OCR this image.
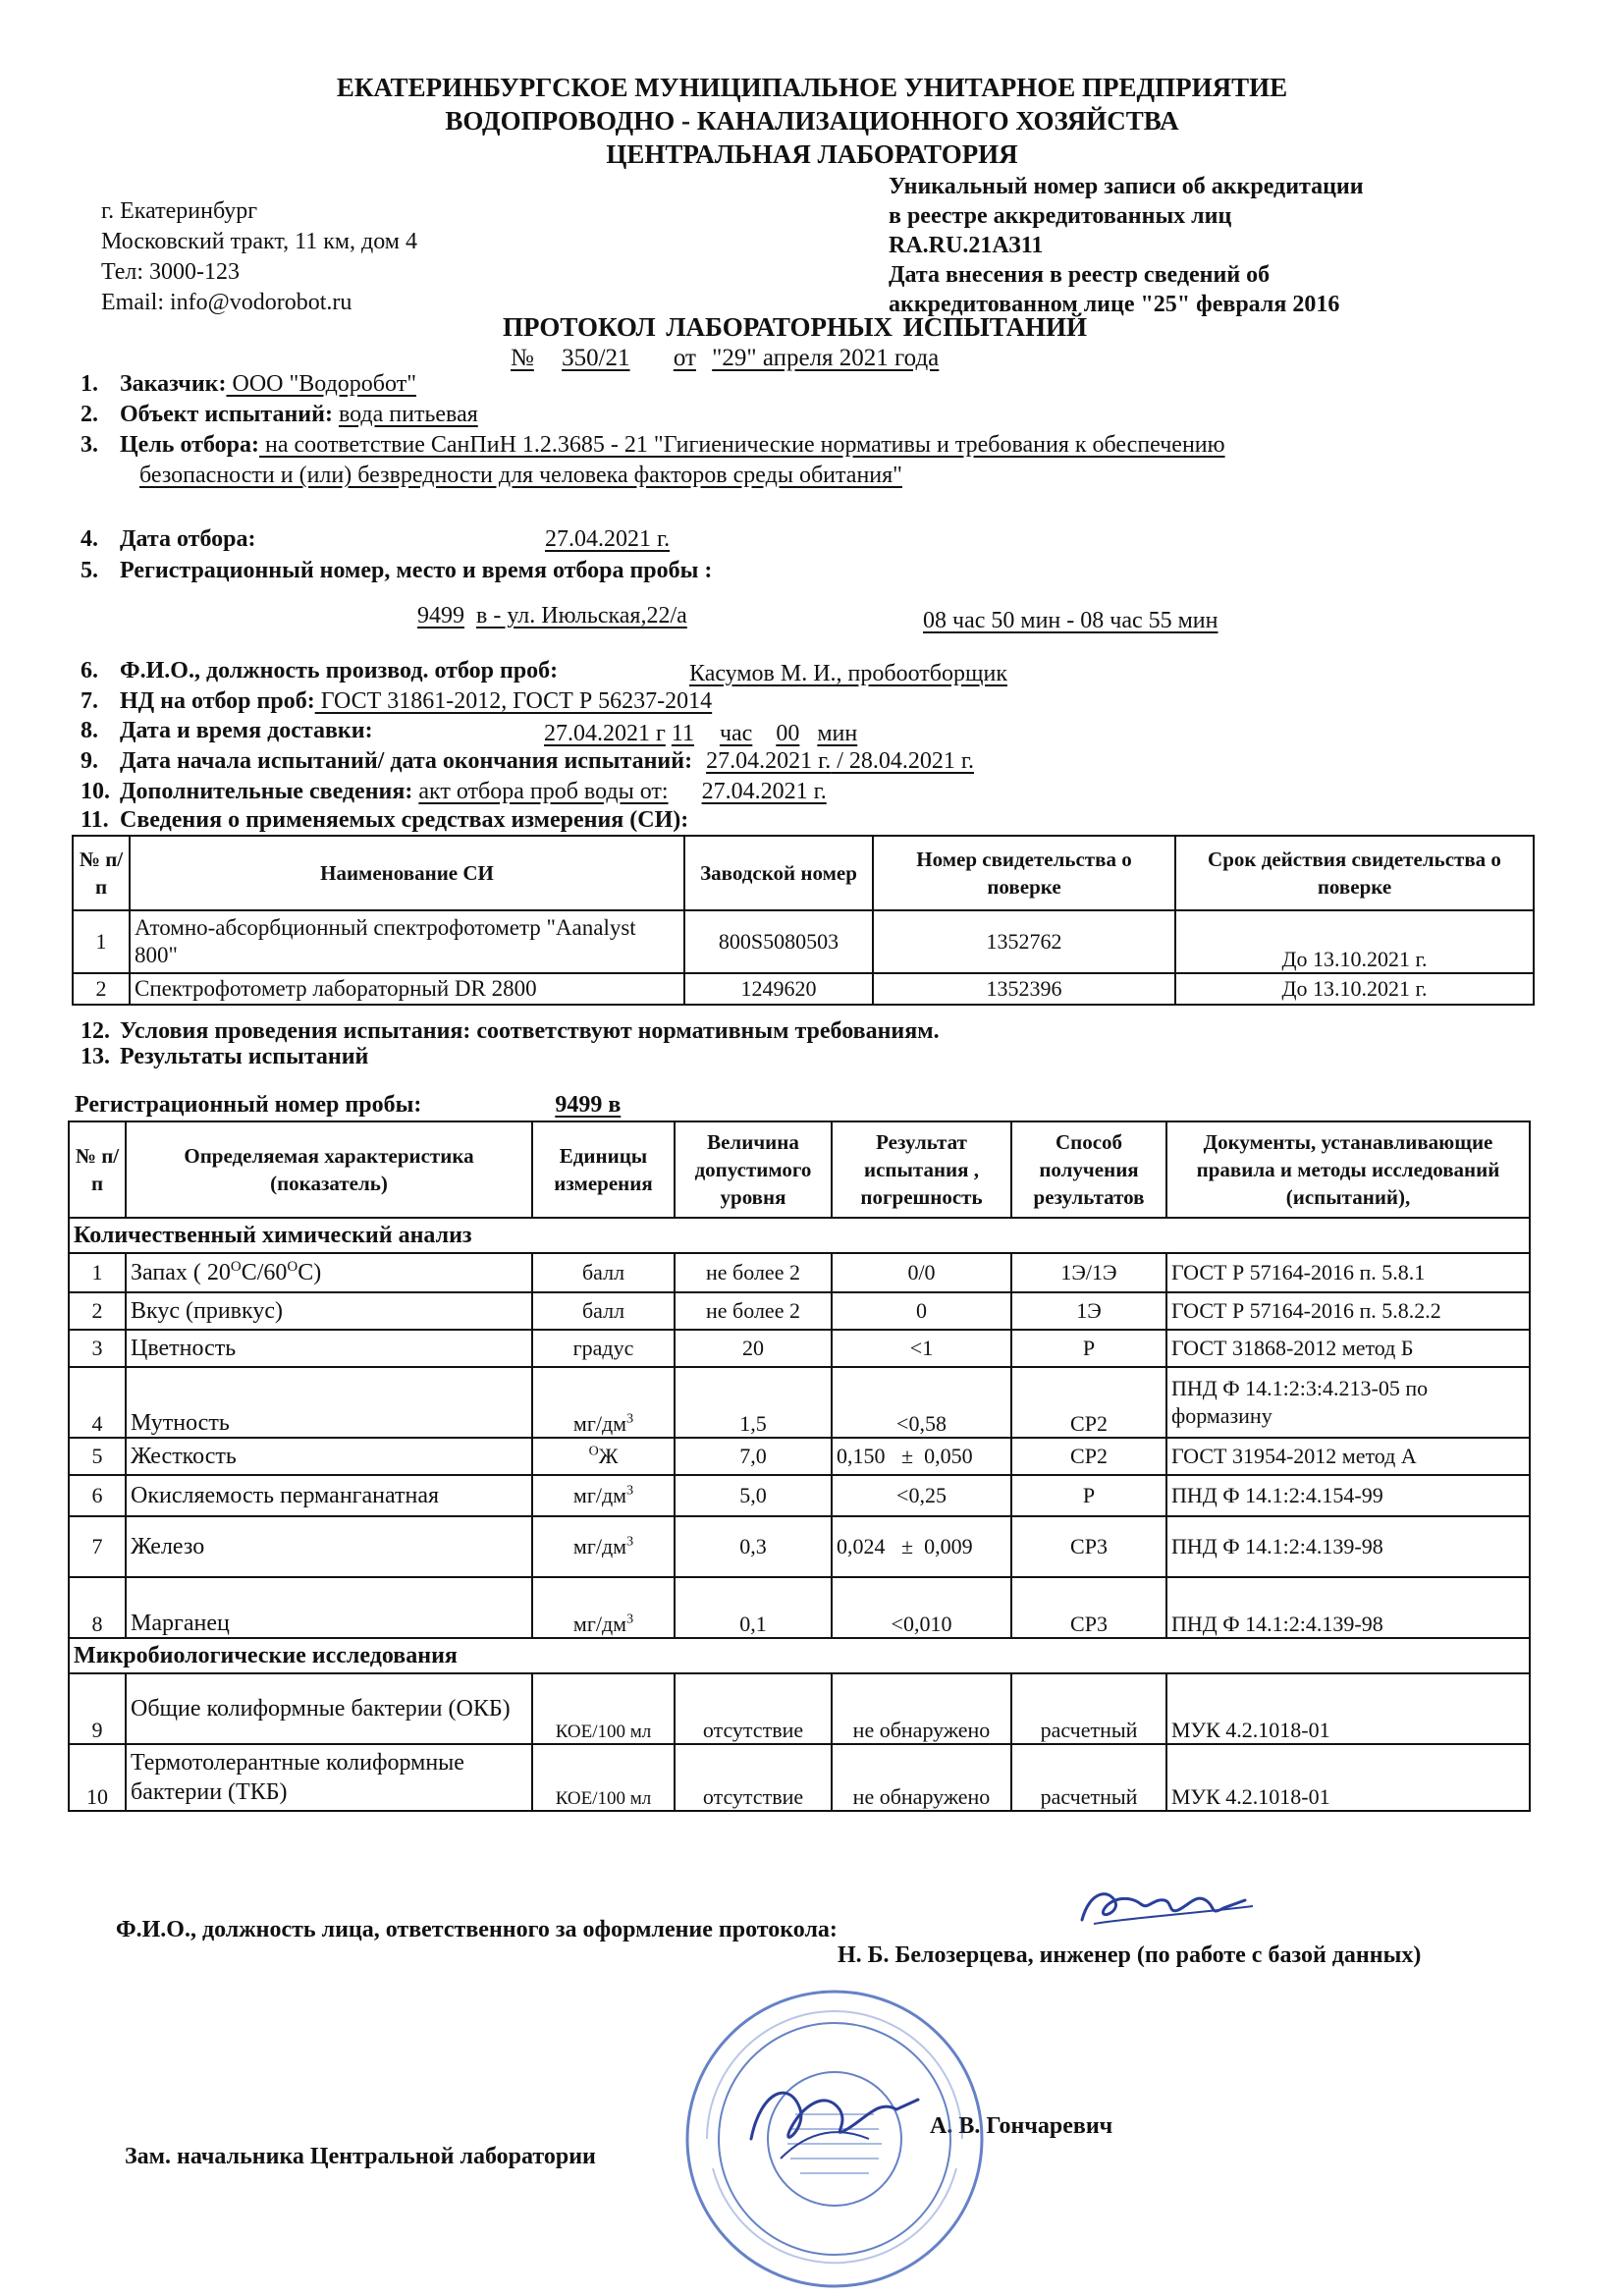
ЕКАТЕРИНБУРГСКОЕ МУНИЦИПАЛЬНОЕ УНИТАРНОЕ ПРЕДПРИЯТИЕ
ВОДОПРОВОДНО - КАНАЛИЗАЦИОННОГО ХОЗЯЙСТВА
ЦЕНТРАЛЬНАЯ ЛАБОРАТОРИЯ
г. Екатеринбург
Московский тракт, 11 км, дом 4
Тел: 3000-123
Email: info@vodorobot.ru
Уникальный номер записи об аккредитации
в реестре аккредитованных лиц
RA.RU.21АЗ11
Дата внесения в реестр сведений об
аккредитованном лице "25" февраля 2016
ПРОТОКОЛ ЛАБОРАТОРНЫХ ИСПЫТАНИЙ
№ 350/21 от "29" апреля 2021 года
1. Заказчик: ООО "Водоробот"
2. Объект испытаний: вода питьевая
3. Цель отбора: на соответствие СанПиН 1.2.3685 - 21 "Гигиенические нормативы и требования к обеспечению
безопасности и (или) безвредности для человека факторов среды обитания"
4. Дата отбора:	27.04.2021 г.
5. Регистрационный номер, место и время отбора пробы :
9499 в - ул. Июльская,22/а	08 час 50 мин - 08 час 55 мин
6. Ф.И.О., должность производ. отбор проб:	Касумов М. И., пробоотборщик
7. НД на отбор проб: ГОСТ 31861-2012, ГОСТ Р 56237-2014
8. Дата и время доставки:	27.04.2021 г 11 час 00 мин
9. Дата начала испытаний/ дата окончания испытаний: 27.04.2021 г. / 28.04.2021 г.
10. Дополнительные сведения: акт отбора проб воды от: 27.04.2021 г.
11. Сведения о применяемых средствах измерения (СИ):
№ п/п	Наименование СИ	Заводской номер	Номер свидетельства о поверке	Срок действия свидетельства о поверке
1	Атомно-абсорбционный спектрофотометр "Aanalyst 800"	800S5080503	1352762	До 13.10.2021 г.
2	Спектрофотометр лабораторный DR 2800	1249620	1352396	До 13.10.2021 г.
12. Условия проведения испытания: соответствуют нормативным требованиям.
13. Результаты испытаний
Регистрационный номер пробы:	9499 в
№ п/п	Определяемая характеристика (показатель)	Единицы измерения	Величина допустимого уровня	Результат испытания , погрешность	Способ получения результатов	Документы, устанавливающие правила и методы исследований (испытаний),
Количественный химический анализ						
1	Запах ( $20^ОС/60^ОС$)	балл	не более 2	0/0	1Э/1Э	ГОСТ Р 57164-2016 п. 5.8.1
2	Вкус (привкус)	балл	не более 2	0	1Э	ГОСТ Р 57164-2016 п. 5.8.2.2
3	Цветность	градус	20	<1	Р	ГОСТ 31868-2012 метод Б
4	Мутность	$мг/дм^3$	1,5	<0,58	СР2	ПНД Ф 14.1:2:3:4.213-05 по формазину
5	Жесткость	$^О$Ж	7,0	0,150   ±  0,050	СР2	ГОСТ 31954-2012 метод А
6	Окисляемость перманганатная	$мг/дм^3$	5,0	<0,25	Р	ПНД Ф 14.1:2:4.154-99
7	Железо	$мг/дм^3$	0,3	0,024   ±  0,009	СР3	ПНД Ф 14.1:2:4.139-98
8	Марганец	$мг/дм^3$	0,1	<0,010	СР3	ПНД Ф 14.1:2:4.139-98
Микробиологические исследования						
9	Общие колиформные бактерии (ОКБ)	КОЕ/100 мл	отсутствие	не обнаружено	расчетный	МУК 4.2.1018-01
10	Термотолерантные колиформные бактерии (ТКБ)	КОЕ/100 мл	отсутствие	не обнаружено	расчетный	МУК 4.2.1018-01
Ф.И.О., должность лица, ответственного за оформление протокола:
Н. Б. Белозерцева, инженер (по работе с базой данных)
Зам. начальника Центральной лаборатории
А. В. Гончаревич
